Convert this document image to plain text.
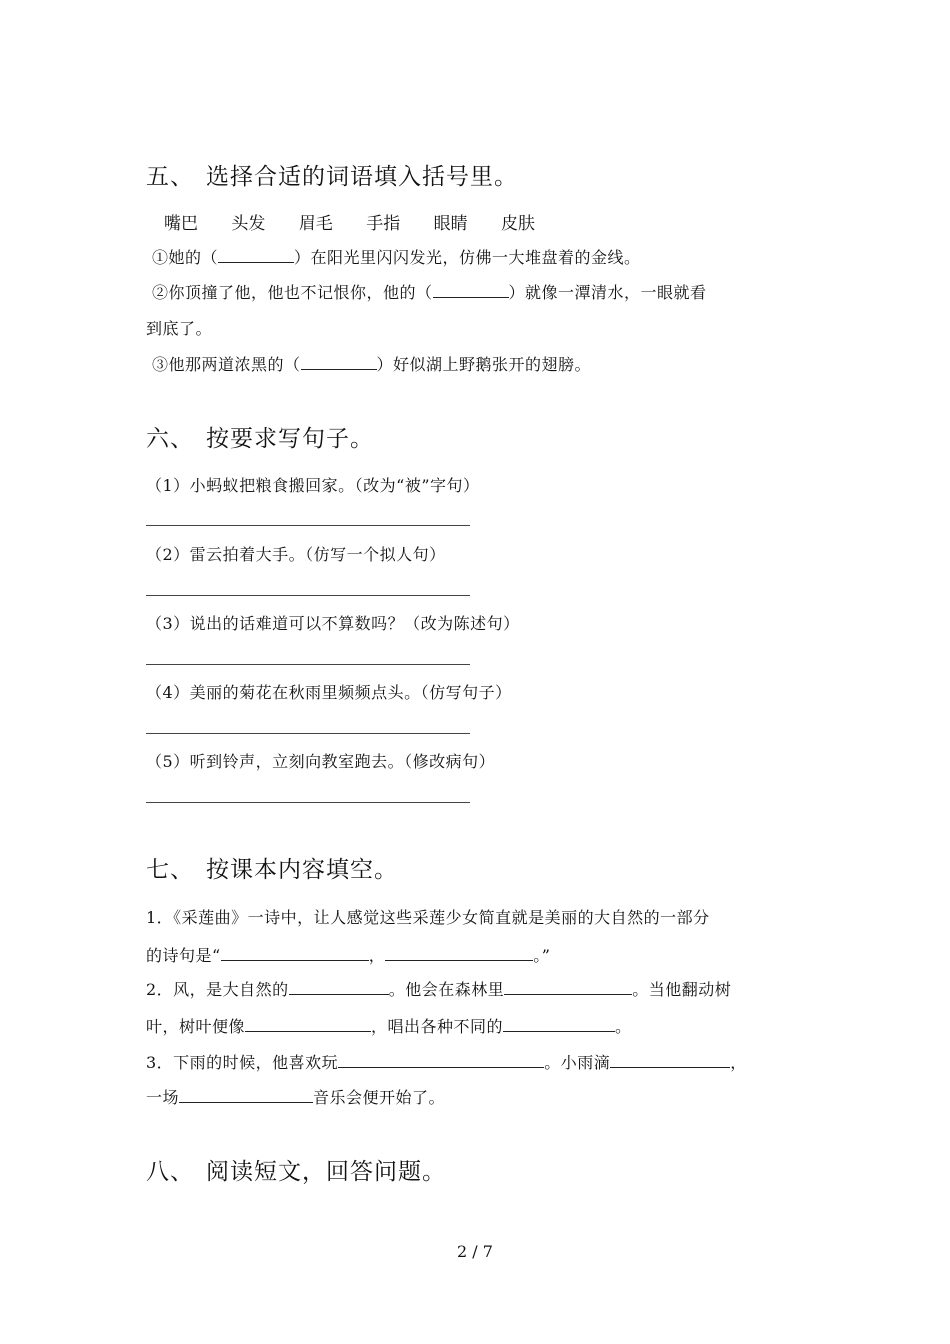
五、 选择合适的词语填入括号里。
嘴巴 头发 眉毛 手指 眼睛 皮肤
①她的（	）在阳光里闪闪发光，仿佛一大堆盘着的金线。
②你顶撞了他，他也不记恨你，他的（	）就像一潭清水，一眼就看
到底了。
③他那两道浓黑的（	）好似湖上野鹅张开的翅膀。
六、 按要求写句子。
（1）小蚂蚁把粮食搬回家。（改为“被”字句）
（2）雷云拍着大手。（仿写一个拟人句）
（3）说出的话难道可以不算数吗？（改为陈述句）
（4）美丽的菊花在秋雨里频频点头。（仿写句子）
（5）听到铃声，立刻向教室跑去。（修改病句）
七、 按课本内容填空。
1．《采莲曲》一诗中，让人感觉这些采莲少女简直就是美丽的大自然的一部分
的诗句是“	，	。”
2．风，是大自然的	。他会在森林里	。当他翻动树
叶，树叶便像	，唱出各种不同的	。
3．下雨的时候，他喜欢玩	。小雨滴	，
一场	音乐会便开始了。
八、 阅读短文，回答问题。
2 / 7
